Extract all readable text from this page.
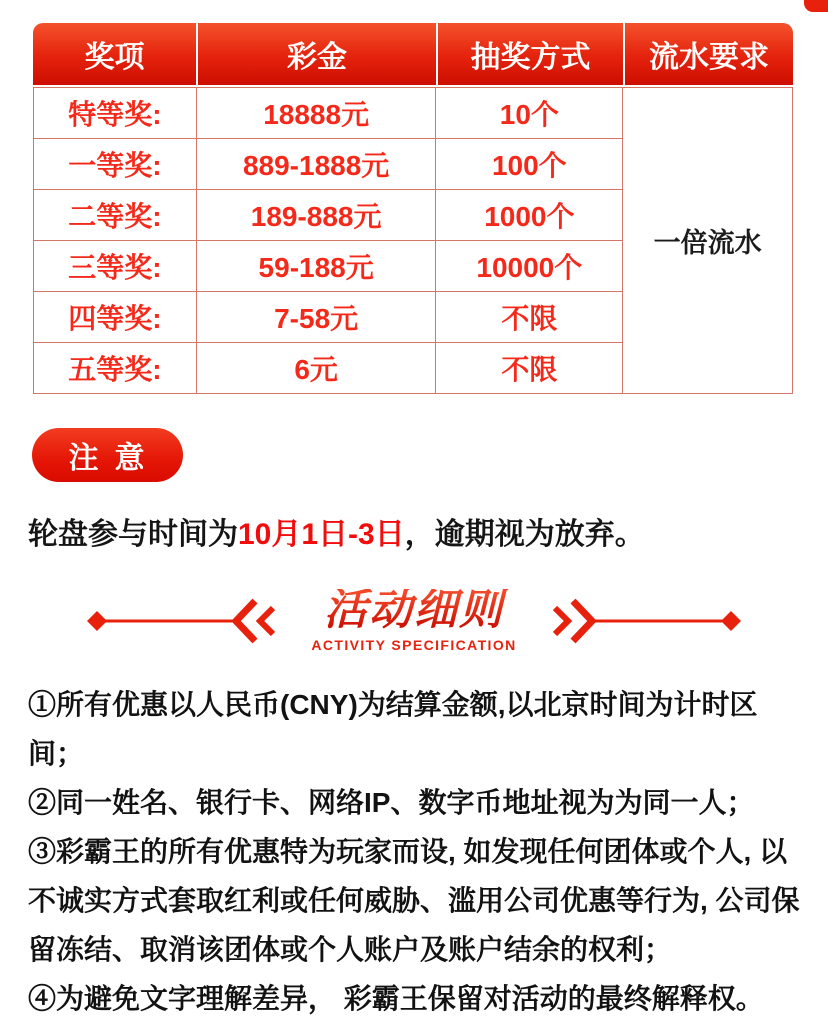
奖项	彩金	抽奖方式	流水要求
特等奖:	18888元	10个	一倍流水
一等奖:	889-1888元	100个	
二等奖:	189-888元	1000个	
三等奖:	59-188元	10000个	
四等奖:	7-58元	不限	
五等奖:	6元	不限	
注意
轮盘参与时间为10月1日-3日，逾期视为放弃。
活动细则
ACTIVITY SPECIFICATION

①所有优惠以人民币(CNY)为结算金额,以北京时间为计时区间；

②同一姓名、银行卡、网络IP、数字币地址视为为同一人；

③彩霸王的所有优惠特为玩家而设, 如发现任何团体或个人, 以不诚实方式套取红利或任何威胁、滥用公司优惠等行为, 公司保留冻结、取消该团体或个人账户及账户结余的权利；

④为避免文字理解差异， 彩霸王保留对活动的最终解释权。
